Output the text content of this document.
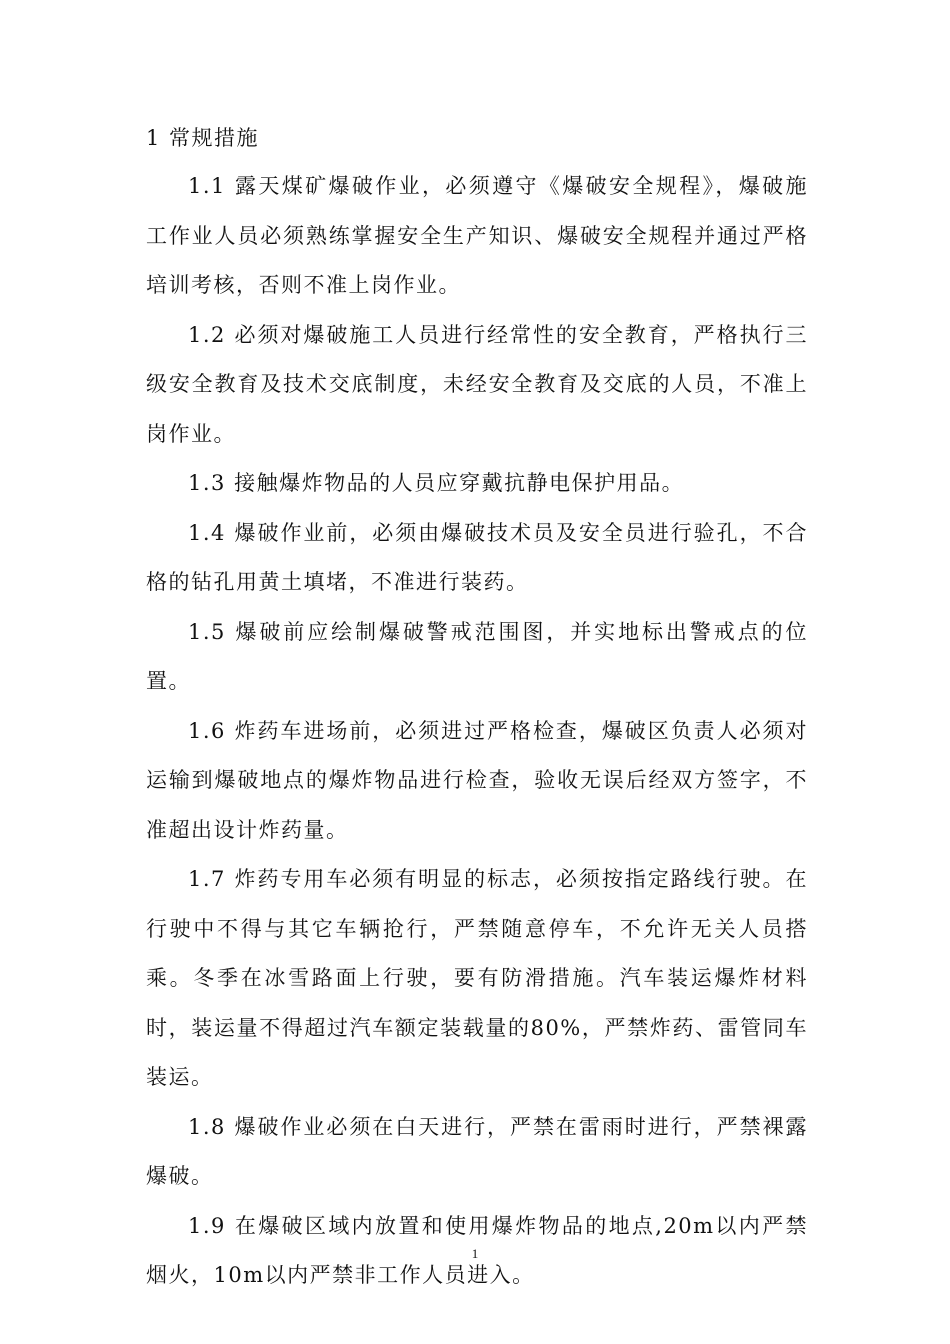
1 常规措施

1.1 露天煤矿爆破作业，必须遵守《爆破安全规程》，爆破施工作业人员必须熟练掌握安全生产知识、爆破安全规程并通过严格培训考核，否则不准上岗作业。

1.2 必须对爆破施工人员进行经常性的安全教育，严格执行三级安全教育及技术交底制度，未经安全教育及交底的人员，不准上岗作业。

1.3 接触爆炸物品的人员应穿戴抗静电保护用品。

1.4 爆破作业前，必须由爆破技术员及安全员进行验孔，不合格的钻孔用黄土填堵，不准进行装药。

1.5 爆破前应绘制爆破警戒范围图，并实地标出警戒点的位置。

1.6 炸药车进场前，必须进过严格检查，爆破区负责人必须对运输到爆破地点的爆炸物品进行检查，验收无误后经双方签字，不准超出设计炸药量。

1.7 炸药专用车必须有明显的标志，必须按指定路线行驶。在行驶中不得与其它车辆抢行，严禁随意停车，不允许无关人员搭乘。冬季在冰雪路面上行驶，要有防滑措施。汽车装运爆炸材料时，装运量不得超过汽车额定装载量的80%，严禁炸药、雷管同车装运。

1.8 爆破作业必须在白天进行，严禁在雷雨时进行，严禁裸露爆破。

1.9 在爆破区域内放置和使用爆炸物品的地点,20m以内严禁烟火，10m以内严禁非工作人员进入。

1
